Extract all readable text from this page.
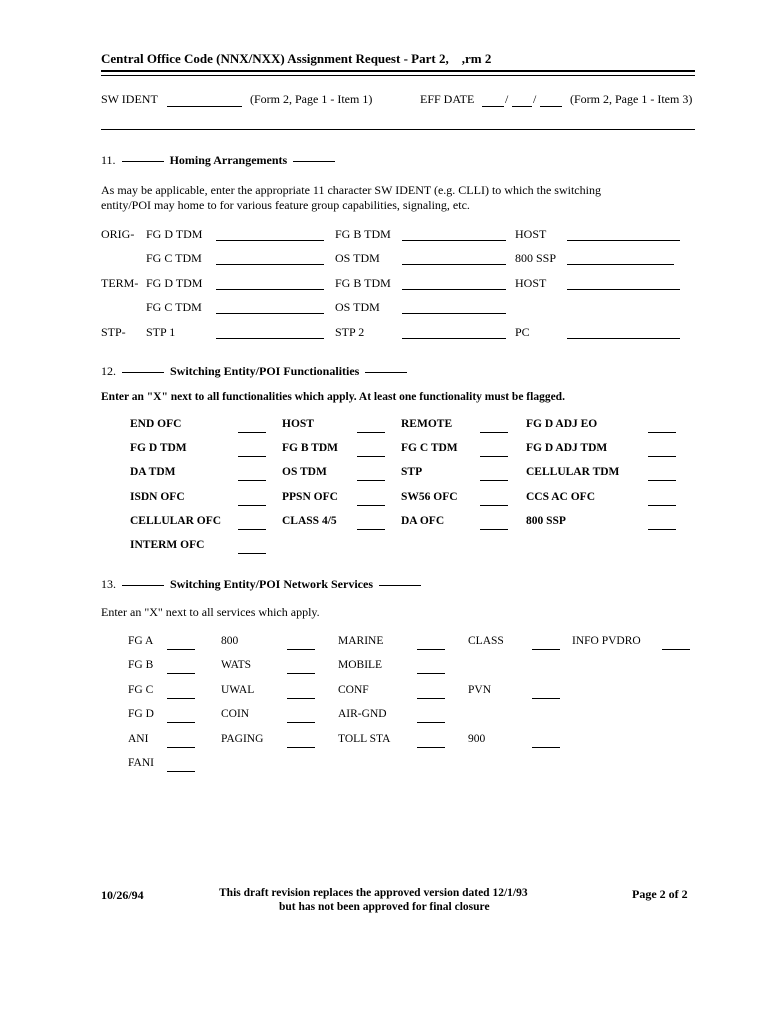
Central Office Code (NNX/NXX) Assignment Request - Part 2,     ,rm 2
SW IDENT	(Form 2, Page 1 - Item 1)	EFF DATE	/ /	(Form 2, Page 1 - Item 3)
11.	Homing Arrangements
As may be applicable, enter the appropriate 11 character SW IDENT (e.g. CLLI) to which the switching
entity/POI may home to for various feature group capabilities, signaling, etc.
ORIG- FG D TDM	FG B TDM	HOST
FG C TDM	OS TDM	800 SSP
TERM- FG D TDM	FG B TDM	HOST
FG C TDM	OS TDM
STP- STP 1	STP 2	PC
12.	Switching Entity/POI Functionalities
Enter an "X" next to all functionalities which apply. At least one functionality must be flagged.
END OFC	HOST	REMOTE	FG D ADJ EO
FG D TDM	FG B TDM	FG C TDM	FG D ADJ TDM
DA TDM	OS TDM	STP	CELLULAR TDM
ISDN OFC	PPSN OFC	SW56 OFC	CCS AC OFC
CELLULAR OFC	CLASS 4/5	DA OFC	800 SSP
INTERM OFC
13.	Switching Entity/POI Network Services
Enter an "X" next to all services which apply.
FG A	800	MARINE	CLASS	INFO PVDRO
FG B	WATS	MOBILE
FG C	UWAL	CONF	PVN
FG D	COIN	AIR-GND
ANI	PAGING	TOLL STA	900
FANI
10/26/94	This draft revision replaces the approved version dated 12/1/93
but has not been approved for final closure
Page 2 of 2
